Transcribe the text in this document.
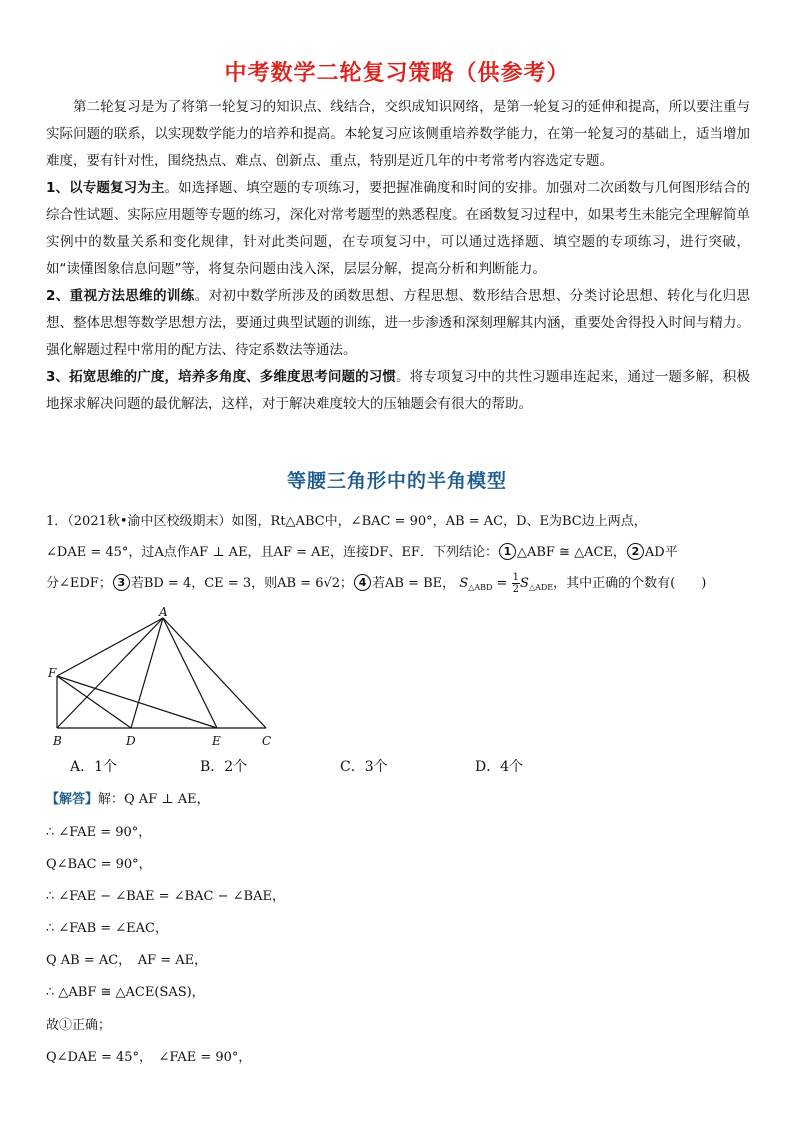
中考数学二轮复习策略（供参考）

第二轮复习是为了将第一轮复习的知识点、线结合，交织成知识网络，是第一轮复习的延伸和提高，所以要注重与实际问题的联系，以实现数学能力的培养和提高。本轮复习应该侧重培养数学能力，在第一轮复习的基础上，适当增加难度，要有针对性，围绕热点、难点、创新点、重点，特别是近几年的中考常考内容选定专题。

1、以专题复习为主。如选择题、填空题的专项练习，要把握准确度和时间的安排。加强对二次函数与几何图形结合的综合性试题、实际应用题等专题的练习，深化对常考题型的熟悉程度。在函数复习过程中，如果考生未能完全理解简单实例中的数量关系和变化规律，针对此类问题，在专项复习中，可以通过选择题、填空题的专项练习，进行突破，如“读懂图象信息问题”等，将复杂问题由浅入深，层层分解，提高分析和判断能力。

2、重视方法思维的训练。对初中数学所涉及的函数思想、方程思想、数形结合思想、分类讨论思想、转化与化归思想、整体思想等数学思想方法，要通过典型试题的训练，进一步渗透和深刻理解其内涵，重要处舍得投入时间与精力。强化解题过程中常用的配方法、待定系数法等通法。

3、拓宽思维的广度，培养多角度、多维度思考问题的习惯。将专项复习中的共性习题串连起来，通过一题多解，积极地探求解决问题的最优解法，这样，对于解决难度较大的压轴题会有很大的帮助。

等腰三角形中的半角模型

1．（2021秋•渝中区校级期末）如图，Rt△ABC中，∠BAC = 90°，AB = AC，D、E为BC边上两点，

∠DAE = 45°，过A点作AF ⊥ AE，且AF = AE，连接DF、EF．下列结论： 1 △ABF ≅ △ACE， 2 AD平

分∠EDF； 3 若BD = 4，CE = 3，则AB = 6√2； 4 若AB = BE， $S_{\triangle ABD} = \frac{1}{2} S_{\triangle ADE}$，其中正确的个数有(　　)

A
F
B	D	E	C
A．1个	B．2个	C．3个	D．4个
【解答】解：Q AF ⊥ AE，
∴ ∠FAE = 90°，
Q∠BAC = 90°，
∴ ∠FAE − ∠BAE = ∠BAC − ∠BAE，
∴ ∠FAB = ∠EAC，
Q AB = AC，　AF = AE，
∴ △ABF ≅ △ACE(SAS)，
故①正确；
Q∠DAE = 45°，　∠FAE = 90°，
